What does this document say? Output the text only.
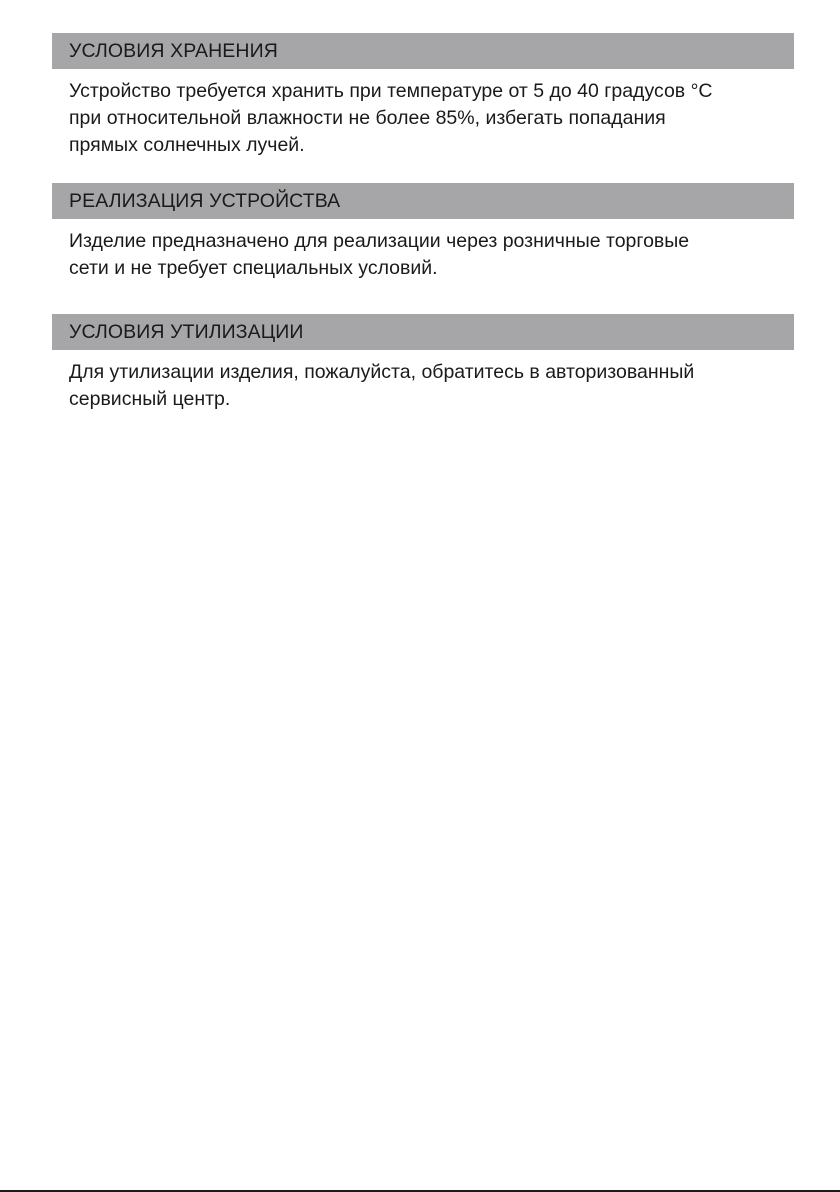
УСЛОВИЯ ХРАНЕНИЯ

Устройство требуется хранить при температуре от 5 до 40 градусов °С

при относительной влажности не более 85%, избегать попадания

прямых солнечных лучей.

РЕАЛИЗАЦИЯ УСТРОЙСТВА

Изделие предназначено для реализации через розничные торговые

сети и не требует специальных условий.

УСЛОВИЯ УТИЛИЗАЦИИ

Для утилизации изделия, пожалуйста, обратитесь в авторизованный

сервисный центр.
